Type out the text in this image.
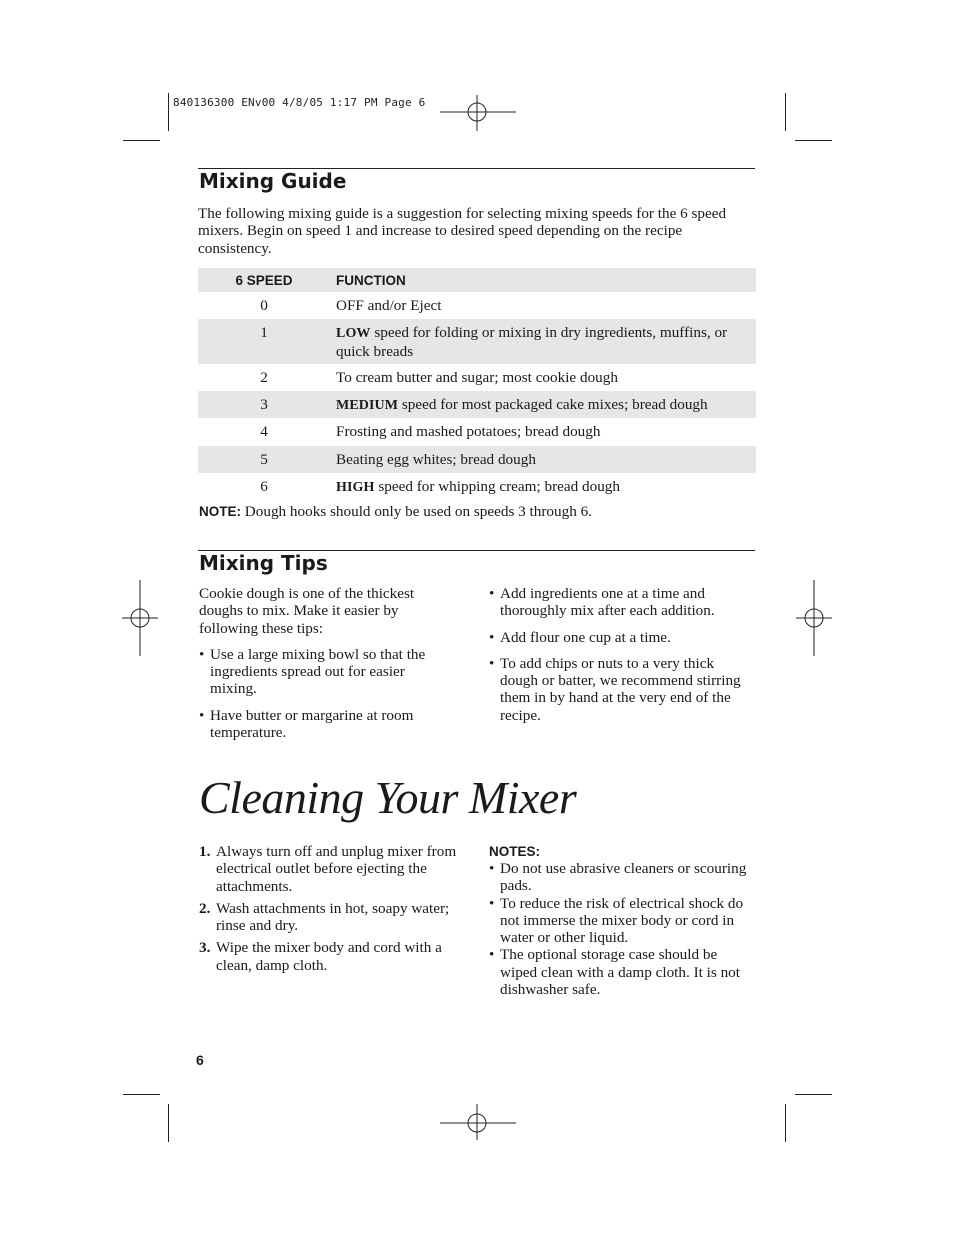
840136300 ENv00 4/8/05 1:17 PM Page 6
Mixing Guide

The following mixing guide is a suggestion for selecting mixing speeds for the 6 speed mixers. Begin on speed 1 and increase to desired speed depending on the recipe consistency.

6 SPEED	FUNCTION
0	OFF and/or Eject
1	LOW speed for folding or mixing in dry ingredients, muffins, or quick breads
2	To cream butter and sugar; most cookie dough
3	MEDIUM speed for most packaged cake mixes; bread dough
4	Frosting and mashed potatoes; bread dough
5	Beating egg whites; bread dough
6	HIGH speed for whipping cream; bread dough

NOTE: Dough hooks should only be used on speeds 3 through 6.

Mixing Tips

Cookie dough is one of the thickest doughs to mix. Make it easier by following these tips:

• Use a large mixing bowl so that the ingredients spread out for easier mixing.
• Have butter or margarine at room temperature.
• Add ingredients one at a time and thoroughly mix after each addition.
• Add flour one cup at a time.
• To add chips or nuts to a very thick dough or batter, we recommend stirring them in by hand at the very end of the recipe.
Cleaning Your Mixer
1. Always turn off and unplug mixer from electrical outlet before ejecting the attachments.
2. Wash attachments in hot, soapy water; rinse and dry.
3. Wipe the mixer body and cord with a clean, damp cloth.
NOTES:
• Do not use abrasive cleaners or scouring pads.
• To reduce the risk of electrical shock do not immerse the mixer body or cord in water or other liquid.
• The optional storage case should be wiped clean with a damp cloth. It is not dishwasher safe.
6
